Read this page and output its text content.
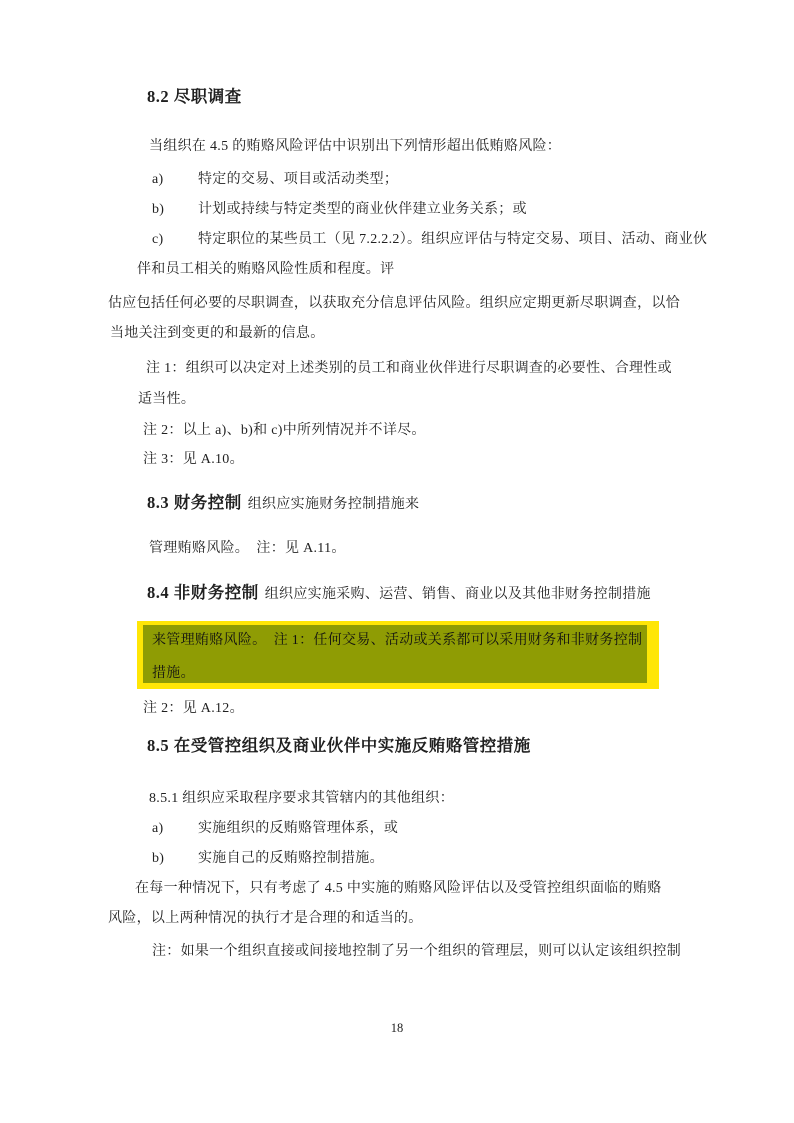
8.2 尽职调查
当组织在 4.5 的贿赂风险评估中识别出下列情形超出低贿赂风险：
a) 特定的交易、项目或活动类型；
b) 计划或持续与特定类型的商业伙伴建立业务关系；或
c) 特定职位的某些员工（见 7.2.2.2）。组织应评估与特定交易、项目、活动、商业伙
伴和员工相关的贿赂风险性质和程度。评
估应包括任何必要的尽职调查，以获取充分信息评估风险。组织应定期更新尽职调查，以恰
当地关注到变更的和最新的信息。
注 1：组织可以决定对上述类别的员工和商业伙伴进行尽职调查的必要性、合理性或
适当性。
注 2：以上 a)、b)和 c)中所列情况并不详尽。
注 3：见 A.10。
8.3 财务控制 组织应实施财务控制措施来
管理贿赂风险。　注：见 A.11。
8.4 非财务控制 组织应实施采购、运营、销售、商业以及其他非财务控制措施
来管理贿赂风险。　注 1：任何交易、活动或关系都可以采用财务和非财务控制
措施。
注 2：见 A.12。
8.5 在受管控组织及商业伙伴中实施反贿赂管控措施
8.5.1 组织应采取程序要求其管辖内的其他组织：
a) 实施组织的反贿赂管理体系，或
b) 实施自己的反贿赂控制措施。
在每一种情况下，只有考虑了 4.5 中实施的贿赂风险评估以及受管控组织面临的贿赂
风险，以上两种情况的执行才是合理的和适当的。
注：如果一个组织直接或间接地控制了另一个组织的管理层，则可以认定该组织控制
18
